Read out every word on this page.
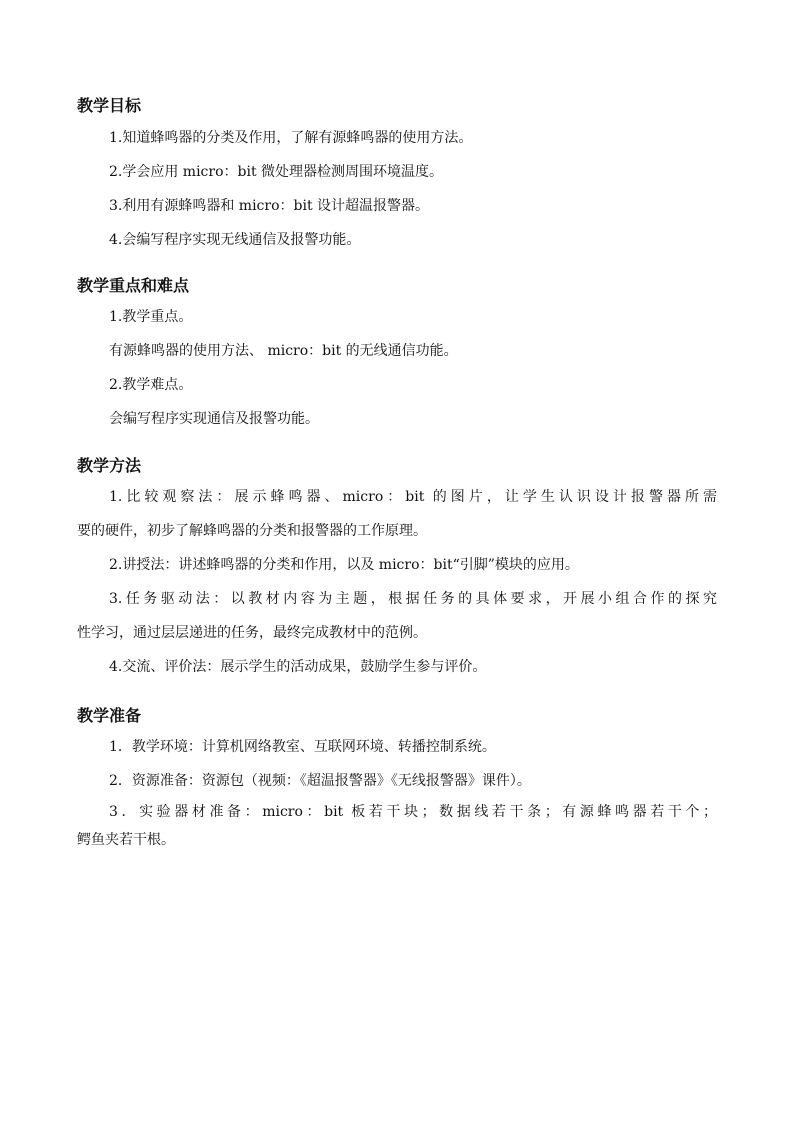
教学目标
1.知道蜂鸣器的分类及作用，了解有源蜂鸣器的使用方法。
2.学会应用 micro：bit 微处理器检测周围环境温度。
3.利用有源蜂鸣器和 micro：bit 设计超温报警器。
4.会编写程序实现无线通信及报警功能。
教学重点和难点
1.教学重点。
有源蜂鸣器的使用方法、 micro：bit 的无线通信功能。
2.教学难点。
会编写程序实现通信及报警功能。
教学方法
1.比较观察法：展示蜂鸣器、micro：bit 的图片，让学生认识设计报警器所需
要的硬件，初步了解蜂鸣器的分类和报警器的工作原理。
2.讲授法：讲述蜂鸣器的分类和作用，以及 micro：bit“引脚”模块的应用。
3.任务驱动法：以教材内容为主题，根据任务的具体要求，开展小组合作的探究
性学习，通过层层递进的任务，最终完成教材中的范例。
4.交流、评价法：展示学生的活动成果，鼓励学生参与评价。
教学准备
1．教学环境：计算机网络教室、互联网环境、转播控制系统。
2．资源准备：资源包（视频：《超温报警器》《无线报警器》课件）。
3．实验器材准备：micro：bit 板若干块；数据线若干条；有源蜂鸣器若干个；
鳄鱼夹若干根。
